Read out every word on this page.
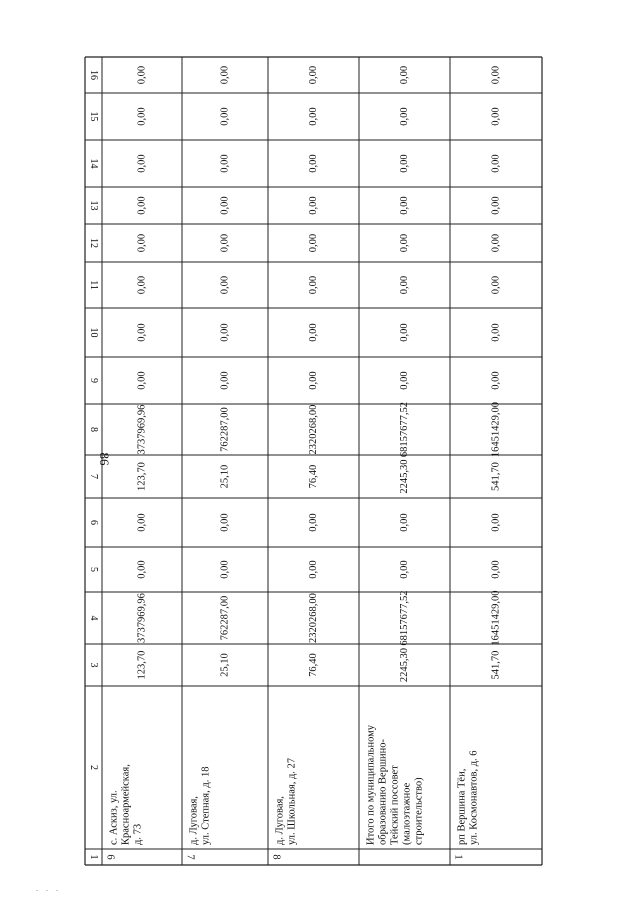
86
. . .
16
15
14
13
12
11
10
9
8
7
6
5
4
3
2
1
123,70
3737969,96
0,00
0,00
123,70
3737969,96
0,00
0,00
0,00
0,00
0,00
0,00
0,00
0,00
6
с. Аскиз, ул. Красноармейская, д. 73
25,10
762287,00
0,00
0,00
25,10
762287,00
0,00
0,00
0,00
0,00
0,00
0,00
0,00
0,00
7
д. Луговая, ул. Степная, д. 18
76,40
2320268,00
0,00
0,00
76,40
2320268,00
0,00
0,00
0,00
0,00
0,00
0,00
0,00
0,00
8
д. Луговая, ул. Школьная, д. 27
2245,30
68157677,52
0,00
0,00
2245,30
68157677,52
0,00
0,00
0,00
0,00
0,00
0,00
0,00
0,00
Итого по муниципальному образованию Вершино- Тейский поссовет (малоэтажное строительство)
541,70
16451429,00
0,00
0,00
541,70
16451429,00
0,00
0,00
0,00
0,00
0,00
0,00
0,00
0,00
1
рп Вершина Тёи, ул. Космонавтов, д. 6
